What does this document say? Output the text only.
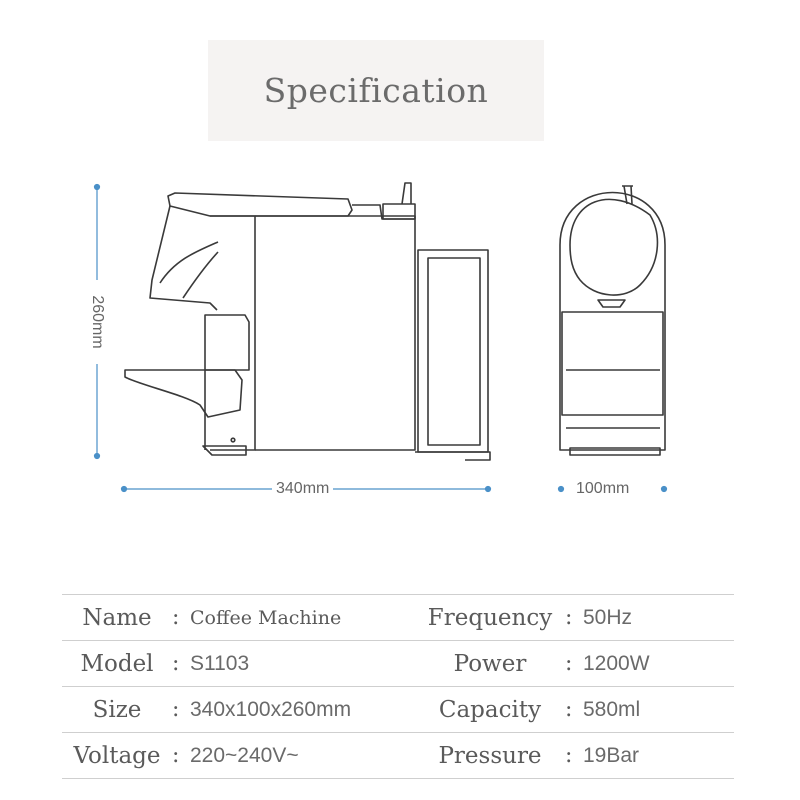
Specification
260mm
340mm	100mm
Name	:	Coffee Machine	Frequency	:	50Hz
Model	:	S1103	Power	:	1200W
Size	:	340x100x260mm	Capacity	:	580ml
Voltage	:	220~240V~	Pressure	:	19Bar
